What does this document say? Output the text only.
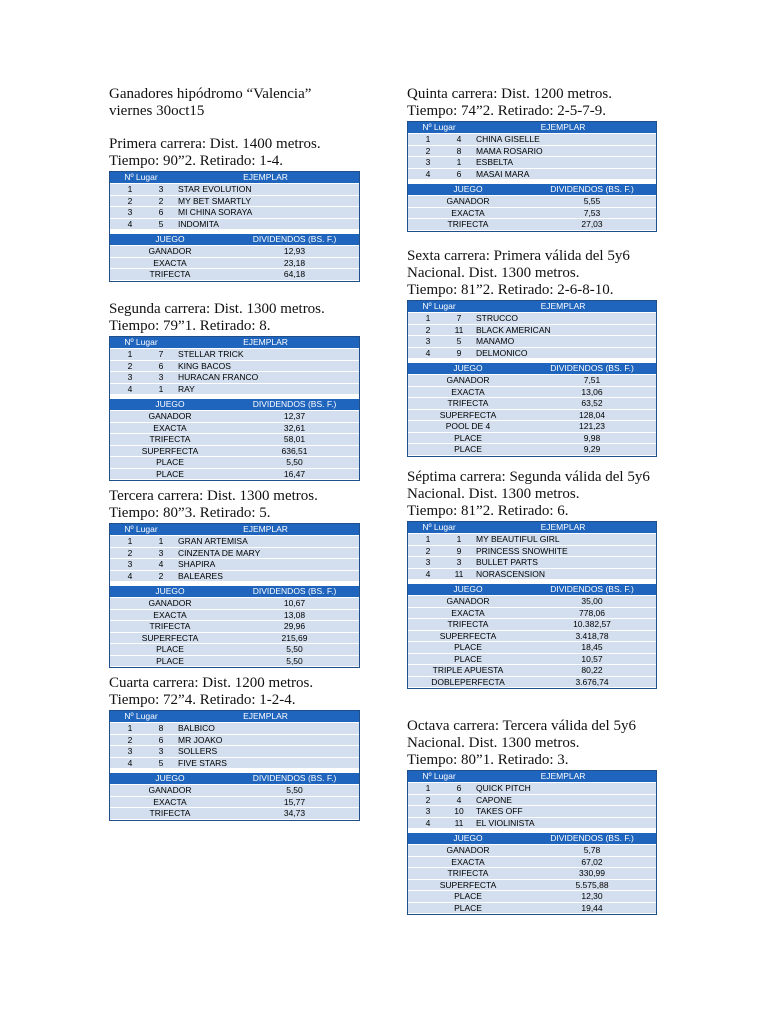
Ganadores hipódromo “Valencia”
viernes 30oct15
Primera carrera: Dist. 1400 metros.
Tiempo: 90”2. Retirado: 1-4.
Nº Lugar	EJEMPLAR
1	3	STAR EVOLUTION
2	2	MY BET SMARTLY
3	6	MI CHINA SORAYA
4	5	INDOMITA
JUEGO	DIVIDENDOS (BS. F.)
GANADOR	12,93
EXACTA	23,18
TRIFECTA	64,18
Segunda carrera: Dist. 1300 metros.
Tiempo: 79”1. Retirado: 8.
Nº Lugar	EJEMPLAR
1	7	STELLAR TRICK
2	6	KING BACOS
3	3	HURACAN FRANCO
4	1	RAY
JUEGO	DIVIDENDOS (BS. F.)
GANADOR	12,37
EXACTA	32,61
TRIFECTA	58,01
SUPERFECTA	636,51
PLACE	5,50
PLACE	16,47
Tercera carrera: Dist. 1300 metros.
Tiempo: 80”3. Retirado: 5.
Nº Lugar	EJEMPLAR
1	1	GRAN ARTEMISA
2	3	CINZENTA DE MARY
3	4	SHAPIRA
4	2	BALEARES
JUEGO	DIVIDENDOS (BS. F.)
GANADOR	10,67
EXACTA	13,08
TRIFECTA	29,96
SUPERFECTA	215,69
PLACE	5,50
PLACE	5,50
Cuarta carrera: Dist. 1200 metros.
Tiempo: 72”4. Retirado: 1-2-4.
Nº Lugar	EJEMPLAR
1	8	BALBICO
2	6	MR JOAKO
3	3	SOLLERS
4	5	FIVE STARS
JUEGO	DIVIDENDOS (BS. F.)
GANADOR	5,50
EXACTA	15,77
TRIFECTA	34,73
Quinta carrera: Dist. 1200 metros.
Tiempo: 74”2. Retirado: 2-5-7-9.
Nº Lugar	EJEMPLAR
1	4	CHINA GISELLE
2	8	MAMA ROSARIO
3	1	ESBELTA
4	6	MASAI MARA
JUEGO	DIVIDENDOS (BS. F.)
GANADOR	5,55
EXACTA	7,53
TRIFECTA	27,03
Sexta carrera: Primera válida del 5y6
Nacional. Dist. 1300 metros.
Tiempo: 81”2. Retirado: 2-6-8-10.
Nº Lugar	EJEMPLAR
1	7	STRUCCO
2	11	BLACK AMERICAN
3	5	MANAMO
4	9	DELMONICO
JUEGO	DIVIDENDOS (BS. F.)
GANADOR	7,51
EXACTA	13,06
TRIFECTA	63,52
SUPERFECTA	128,04
POOL DE 4	121,23
PLACE	9,98
PLACE	9,29
Séptima carrera: Segunda válida del 5y6
Nacional. Dist. 1300 metros.
Tiempo: 81”2. Retirado: 6.
Nº Lugar	EJEMPLAR
1	1	MY BEAUTIFUL GIRL
2	9	PRINCESS SNOWHITE
3	3	BULLET PARTS
4	11	NORASCENSION
JUEGO	DIVIDENDOS (BS. F.)
GANADOR	35,00
EXACTA	778,06
TRIFECTA	10.382,57
SUPERFECTA	3.418,78
PLACE	18,45
PLACE	10,57
TRIPLE APUESTA	80,22
DOBLEPERFECTA	3.676,74
Octava carrera: Tercera válida del 5y6
Nacional. Dist. 1300 metros.
Tiempo: 80”1. Retirado: 3.
Nº Lugar	EJEMPLAR
1	6	QUICK PITCH
2	4	CAPONE
3	10	TAKES OFF
4	11	EL VIOLINISTA
JUEGO	DIVIDENDOS (BS. F.)
GANADOR	5,78
EXACTA	67,02
TRIFECTA	330,99
SUPERFECTA	5.575,88
PLACE	12,30
PLACE	19,44
